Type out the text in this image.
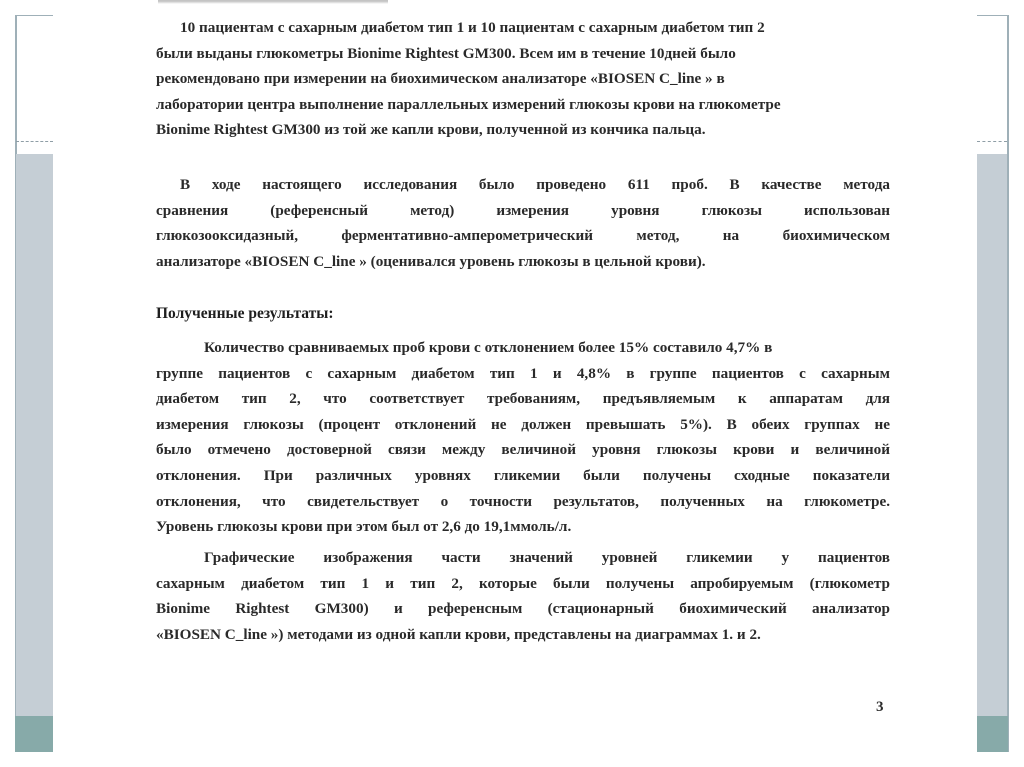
10 пациентам с сахарным диабетом тип 1 и 10 пациентам с сахарным диабетом тип 2
были выданы глюкометры Bionime Rightest GM300. Всем им в течение 10дней было
рекомендовано при измерении на биохимическом анализаторе «BIOSEN C_line » в
лаборатории центра выполнение параллельных измерений глюкозы крови на глюкометре
Bionime Rightest GM300 из той же капли крови, полученной из кончика пальца.
В ходе настоящего исследования было проведено 611 проб. В качестве метода
сравнения (референсный метод) измерения уровня глюкозы использован
глюкозооксидазный, ферментативно-амперометрический метод, на биохимическом
анализаторе «BIOSEN C_line » (оценивался уровень глюкозы в цельной крови).
Полученные результаты:
Количество сравниваемых проб крови с отклонением более 15% составило 4,7% в
группе пациентов с сахарным диабетом тип 1 и 4,8% в группе пациентов с сахарным
диабетом тип 2, что соответствует требованиям, предъявляемым к аппаратам для
измерения глюкозы (процент отклонений не должен превышать 5%). В обеих группах не
было отмечено достоверной связи между величиной уровня глюкозы крови и величиной
отклонения. При различных уровнях гликемии были получены сходные показатели
отклонения, что свидетельствует о точности результатов, полученных на глюкометре.
Уровень глюкозы крови при этом был от 2,6 до 19,1ммоль/л.
Графические изображения части значений уровней гликемии у пациентов
сахарным диабетом тип 1 и тип 2, которые были получены апробируемым (глюкометр
Bionime Rightest GM300) и референсным (стационарный биохимический анализатор
«BIOSEN C_line ») методами из одной капли крови, представлены на диаграммах 1. и 2.
3
